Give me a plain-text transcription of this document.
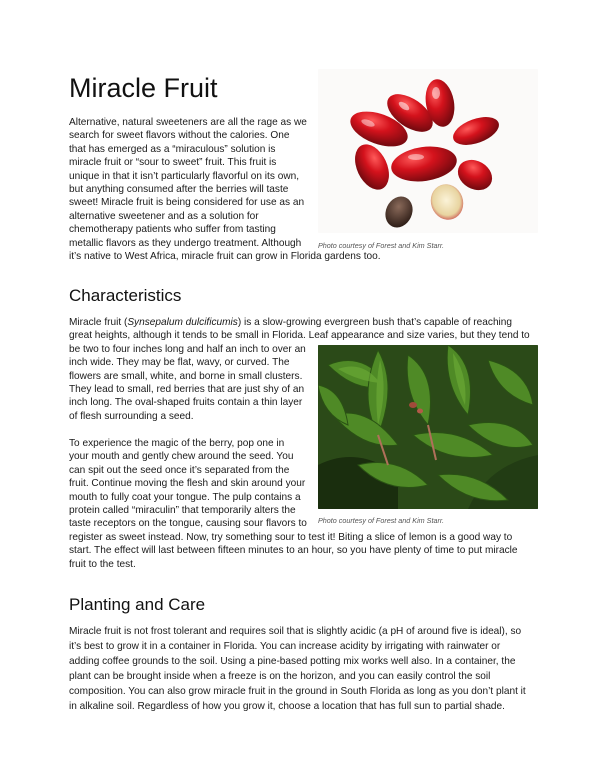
Miracle Fruit

Alternative, natural sweeteners are all the rage as we

search for sweet flavors without the calories. One

that has emerged as a “miraculous” solution is

miracle fruit or “sour to sweet” fruit. This fruit is

unique in that it isn’t particularly flavorful on its own,

but anything consumed after the berries will taste

sweet! Miracle fruit is being considered for use as an

alternative sweetener and as a solution for

chemotherapy patients who suffer from tasting

metallic flavors as they undergo treatment. Although

it’s native to West Africa, miracle fruit can grow in Florida gardens too.

Photo courtesy of Forest and Kim Starr.

Characteristics

Miracle fruit (Synsepalum dulcificumis) is a slow-growing evergreen bush that’s capable of reaching

great heights, although it tends to be small in Florida. Leaf appearance and size varies, but they tend to

be two to four inches long and half an inch to over an

inch wide. They may be flat, wavy, or curved. The

flowers are small, white, and borne in small clusters.

They lead to small, red berries that are just shy of an

inch long. The oval-shaped fruits contain a thin layer

of flesh surrounding a seed.

To experience the magic of the berry, pop one in

your mouth and gently chew around the seed. You

can spit out the seed once it’s separated from the

fruit. Continue moving the flesh and skin around your

mouth to fully coat your tongue. The pulp contains a

protein called “miraculin” that temporarily alters the

taste receptors on the tongue, causing sour flavors to

register as sweet instead. Now, try something sour to test it! Biting a slice of lemon is a good way to

start. The effect will last between fifteen minutes to an hour, so you have plenty of time to put miracle

fruit to the test.

Photo courtesy of Forest and Kim Starr.

Planting and Care

Miracle fruit is not frost tolerant and requires soil that is slightly acidic (a pH of around five is ideal), so

it’s best to grow it in a container in Florida. You can increase acidity by irrigating with rainwater or

adding coffee grounds to the soil. Using a pine-based potting mix works well also. In a container, the

plant can be brought inside when a freeze is on the horizon, and you can easily control the soil

composition. You can also grow miracle fruit in the ground in South Florida as long as you don’t plant it

in alkaline soil. Regardless of how you grow it, choose a location that has full sun to partial shade.
